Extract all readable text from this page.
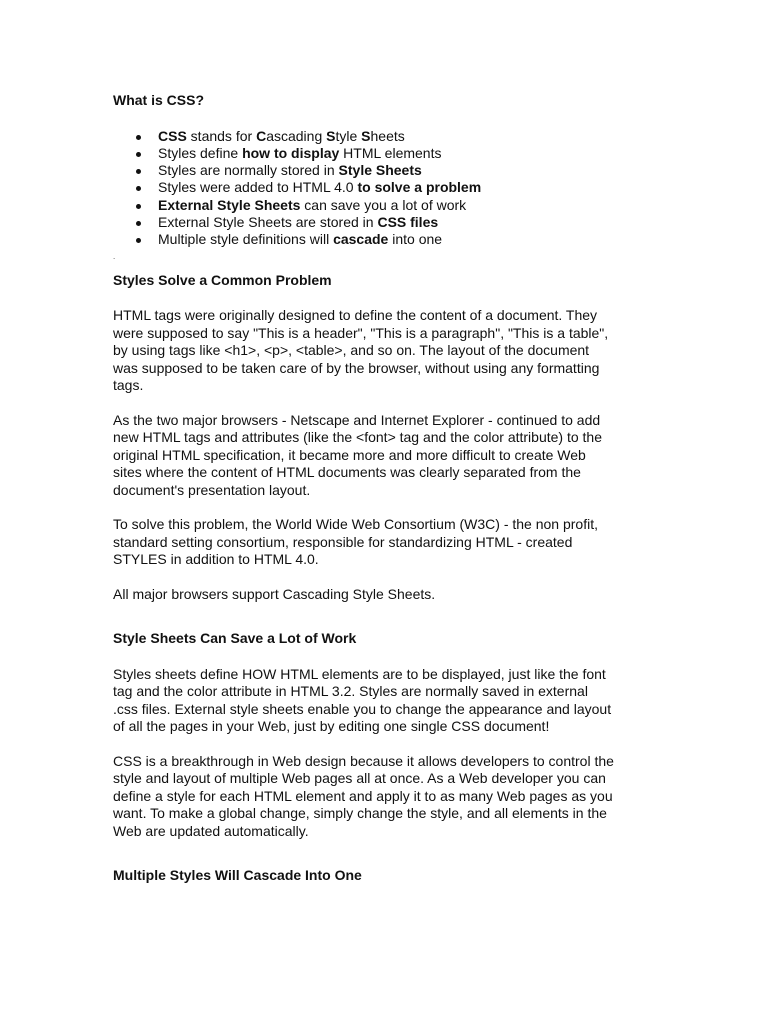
What is CSS?
CSS stands for Cascading Style Sheets
Styles define how to display HTML elements
Styles are normally stored in Style Sheets
Styles were added to HTML 4.0 to solve a problem
External Style Sheets can save you a lot of work
External Style Sheets are stored in CSS files
Multiple style definitions will cascade into one
.
Styles Solve a Common Problem

HTML tags were originally designed to define the content of a document. They
were supposed to say "This is a header", "This is a paragraph", "This is a table",
by using tags like <h1>, <p>, <table>, and so on. The layout of the document
was supposed to be taken care of by the browser, without using any formatting
tags.

As the two major browsers - Netscape and Internet Explorer - continued to add
new HTML tags and attributes (like the <font> tag and the color attribute) to the
original HTML specification, it became more and more difficult to create Web
sites where the content of HTML documents was clearly separated from the
document's presentation layout.

To solve this problem, the World Wide Web Consortium (W3C) - the non profit,
standard setting consortium, responsible for standardizing HTML - created
STYLES in addition to HTML 4.0.

All major browsers support Cascading Style Sheets.

Style Sheets Can Save a Lot of Work

Styles sheets define HOW HTML elements are to be displayed, just like the font
tag and the color attribute in HTML 3.2. Styles are normally saved in external
.css files. External style sheets enable you to change the appearance and layout
of all the pages in your Web, just by editing one single CSS document!

CSS is a breakthrough in Web design because it allows developers to control the
style and layout of multiple Web pages all at once. As a Web developer you can
define a style for each HTML element and apply it to as many Web pages as you
want. To make a global change, simply change the style, and all elements in the
Web are updated automatically.

Multiple Styles Will Cascade Into One
